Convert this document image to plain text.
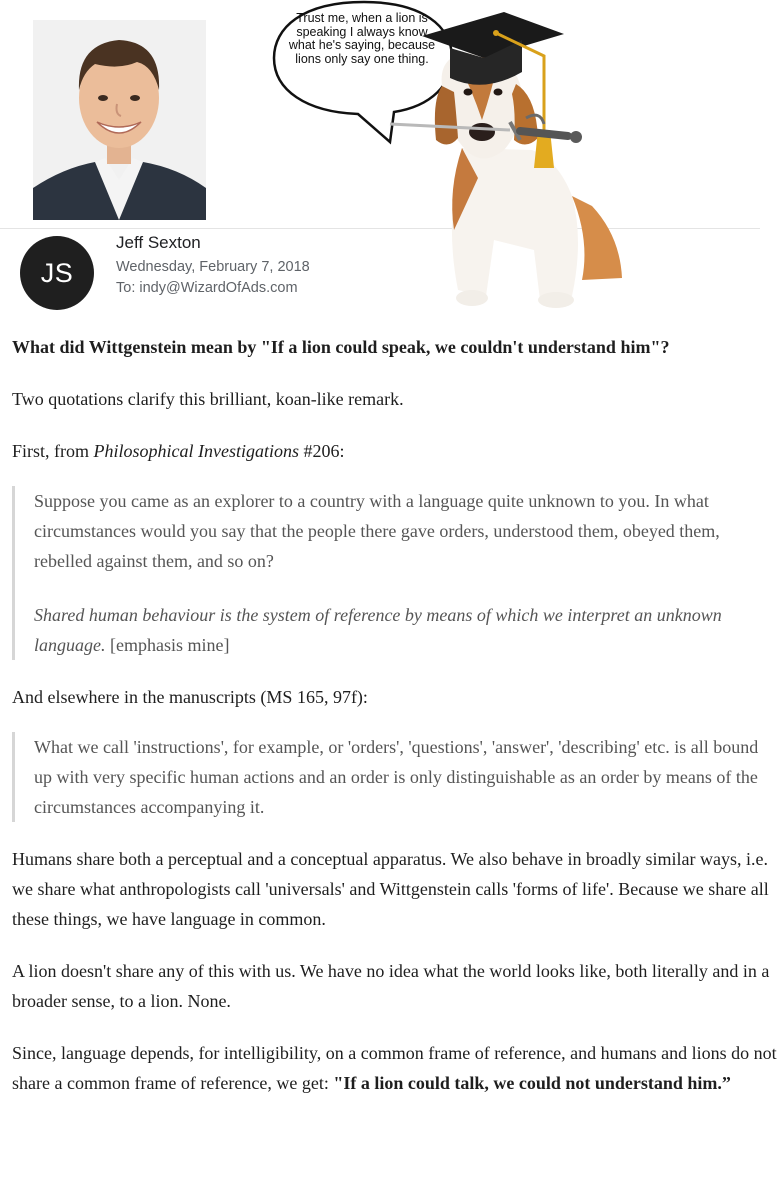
JS
Jeff Sexton
Wednesday, February 7, 2018
To: indy@WizardOfAds.com
Trust me, when a lion is speaking I always know what he's saying, because lions only say one thing.

What did Wittgenstein mean by "If a lion could speak, we couldn't understand him"?

Two quotations clarify this brilliant, koan-like remark.

First, from Philosophical Investigations #206:

Suppose you came as an explorer to a country with a language quite unknown to you. In what circumstances would you say that the people there gave orders, understood them, obeyed them, rebelled against them, and so on?

Shared human behaviour is the system of reference by means of which we interpret an unknown language. [emphasis mine]

And elsewhere in the manuscripts (MS 165, 97f):

What we call 'instructions', for example, or 'orders', 'questions', 'answer', 'describing' etc. is all bound up with very specific human actions and an order is only distinguishable as an order by means of the circumstances accompanying it.

Humans share both a perceptual and a conceptual apparatus. We also behave in broadly similar ways, i.e. we share what anthropologists call 'universals' and Wittgenstein calls 'forms of life'. Because we share all these things, we have language in common.

A lion doesn't share any of this with us. We have no idea what the world looks like, both literally and in a broader sense, to a lion. None.

Since, language depends, for intelligibility, on a common frame of reference, and humans and lions do not share a common frame of reference, we get: "If a lion could talk, we could not understand him.”
